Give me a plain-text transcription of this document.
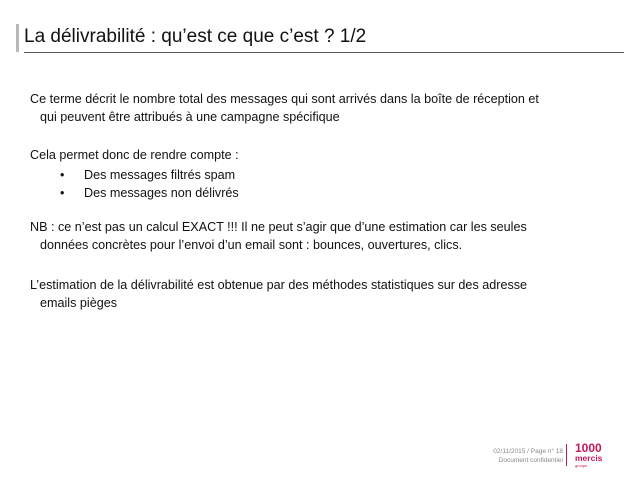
La délivrabilité : qu’est ce que c’est ? 1/2
Ce terme décrit le nombre total des messages qui sont arrivés dans la boîte de réception et
qui peuvent être attribués à une campagne spécifique
Cela permet donc de rendre compte :
•	Des messages filtrés spam
•	Des messages non délivrés
NB : ce n’est pas un calcul EXACT !!! Il ne peut s’agir que d’une estimation car les seules
données concrètes pour l’envoi d’un email sont : bounces, ouvertures, clics.
L’estimation de la délivrabilité est obtenue par des méthodes statistiques sur des adresse
emails pièges
02/11/2015 / Page n° 18
Document confidentiel
1000
mercis
groupe
